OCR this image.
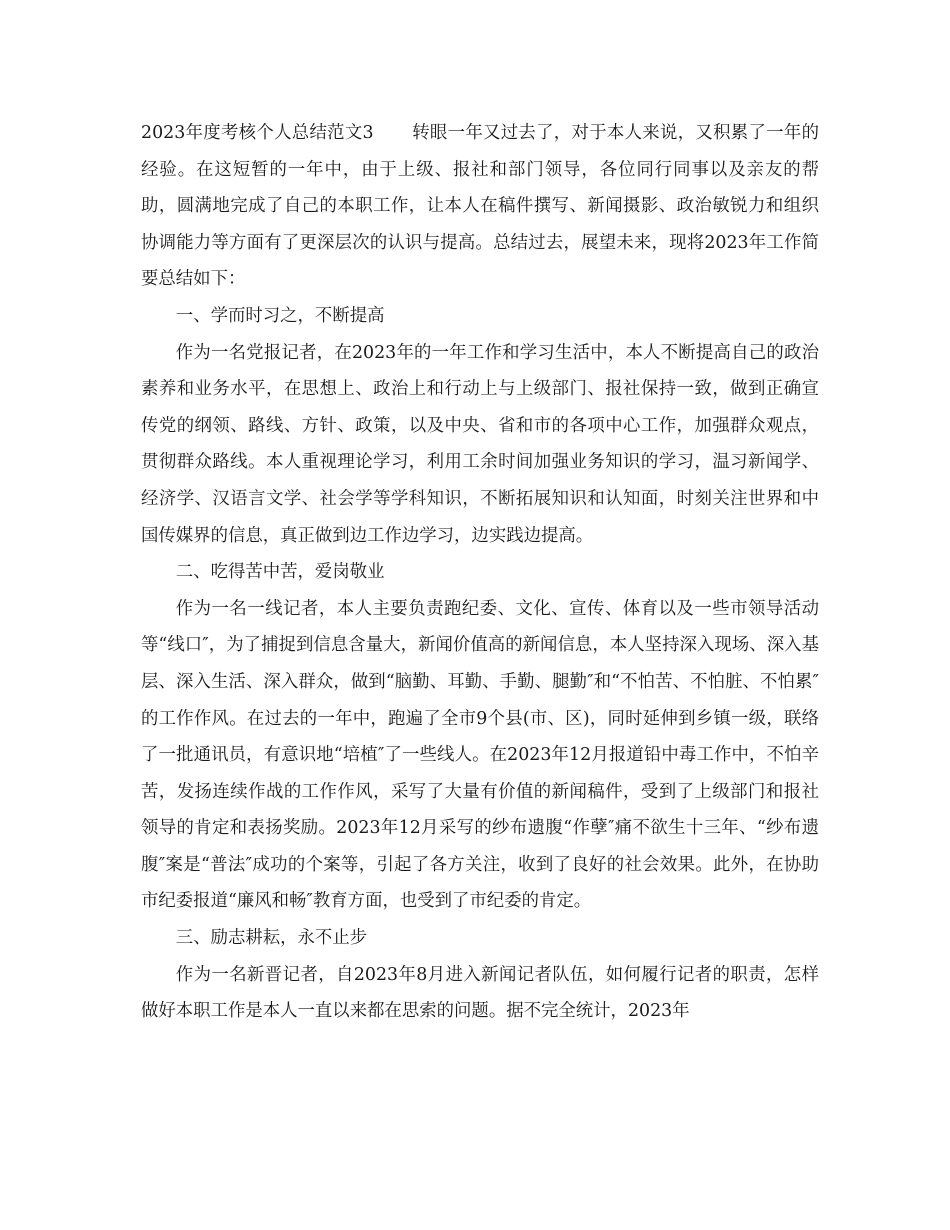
2023年度考核个人总结范文3 转眼一年又过去了，对于本人来说，又积累了一年的经验。在这短暂的一年中，由于上级、报社和部门领导，各位同行同事以及亲友的帮助，圆满地完成了自己的本职工作，让本人在稿件撰写、新闻摄影、政治敏锐力和组织协调能力等方面有了更深层次的认识与提高。总结过去，展望未来，现将2023年工作简要总结如下：

一、学而时习之，不断提高

作为一名党报记者，在2023年的一年工作和学习生活中，本人不断提高自己的政治素养和业务水平，在思想上、政治上和行动上与上级部门、报社保持一致，做到正确宣传党的纲领、路线、方针、政策，以及中央、省和市的各项中心工作，加强群众观点，贯彻群众路线。本人重视理论学习，利用工余时间加强业务知识的学习，温习新闻学、经济学、汉语言文学、社会学等学科知识，不断拓展知识和认知面，时刻关注世界和中国传媒界的信息，真正做到边工作边学习，边实践边提高。

二、吃得苦中苦，爱岗敬业

作为一名一线记者，本人主要负责跑纪委、文化、宣传、体育以及一些市领导活动等“线口″，为了捕捉到信息含量大，新闻价值高的新闻信息，本人坚持深入现场、深入基层、深入生活、深入群众，做到“脑勤、耳勤、手勤、腿勤″和“不怕苦、不怕脏、不怕累″的工作作风。在过去的一年中，跑遍了全市9个县(市、区)，同时延伸到乡镇一级，联络了一批通讯员，有意识地“培植″了一些线人。在2023年12月报道铅中毒工作中，不怕辛苦，发扬连续作战的工作作风，采写了大量有价值的新闻稿件，受到了上级部门和报社领导的肯定和表扬奖励。2023年12月采写的纱布遗腹“作孽″痛不欲生十三年、“纱布遗腹″案是“普法″成功的个案等，引起了各方关注，收到了良好的社会效果。此外，在协助市纪委报道“廉风和畅″教育方面，也受到了市纪委的肯定。

三、励志耕耘，永不止步

作为一名新晋记者，自2023年8月进入新闻记者队伍，如何履行记者的职责，怎样做好本职工作是本人一直以来都在思索的问题。据不完全统计，2023年
